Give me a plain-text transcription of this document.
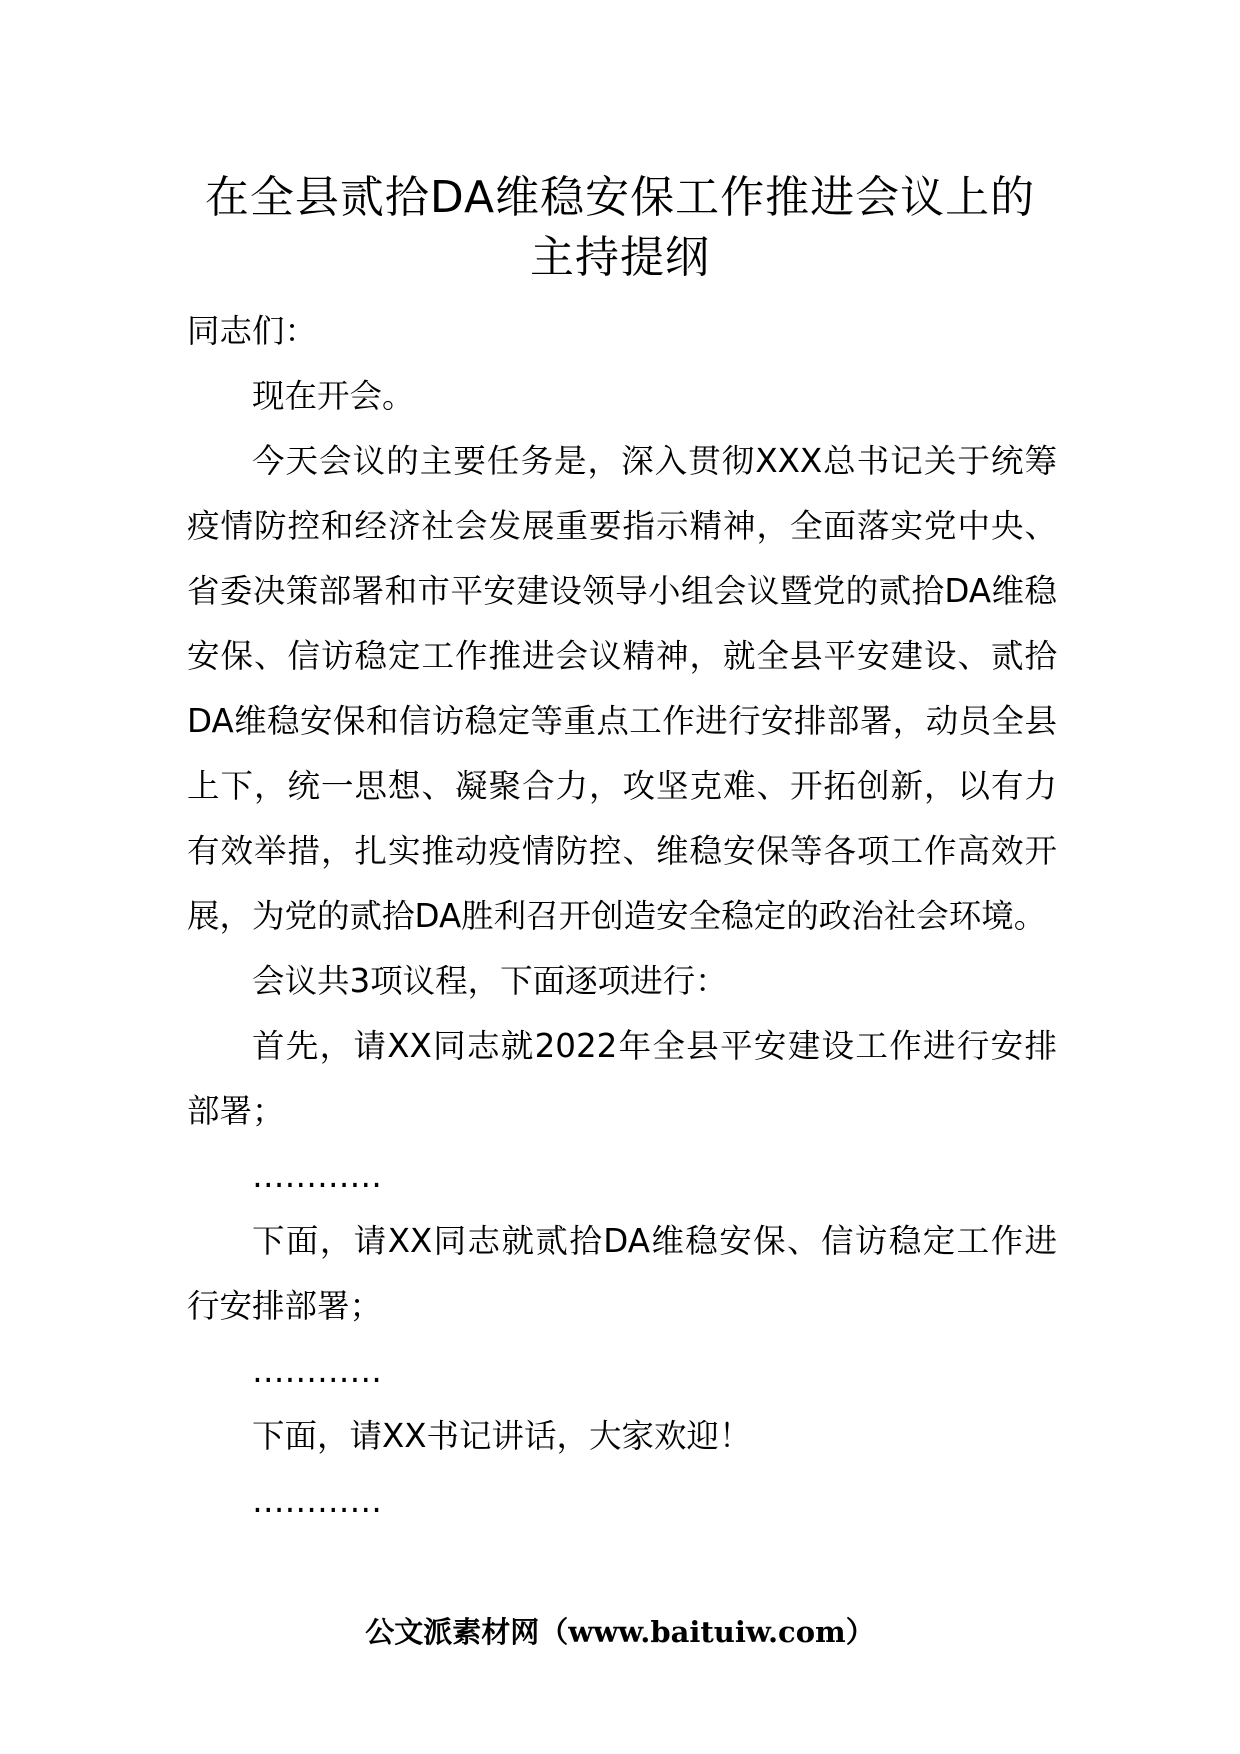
在全县贰拾DA维稳安保工作推进会议上的
主持提纲

同志们：

现在开会。

今天会议的主要任务是，深入贯彻XXX总书记关于统筹疫情防控和经济社会发展重要指示精神，全面落实党中央、省委决策部署和市平安建设领导小组会议暨党的贰拾DA维稳安保、信访稳定工作推进会议精神，就全县平安建设、贰拾DA维稳安保和信访稳定等重点工作进行安排部署，动员全县上下，统一思想、凝聚合力，攻坚克难、开拓创新，以有力有效举措，扎实推动疫情防控、维稳安保等各项工作高效开展，为党的贰拾DA胜利召开创造安全稳定的政治社会环境。

会议共3项议程，下面逐项进行：

首先，请XX同志就2022年全县平安建设工作进行安排部署；

…………

下面，请XX同志就贰拾DA维稳安保、信访稳定工作进行安排部署；

…………

下面，请XX书记讲话，大家欢迎！

…………

公文派素材网（www.baituiw.com）
